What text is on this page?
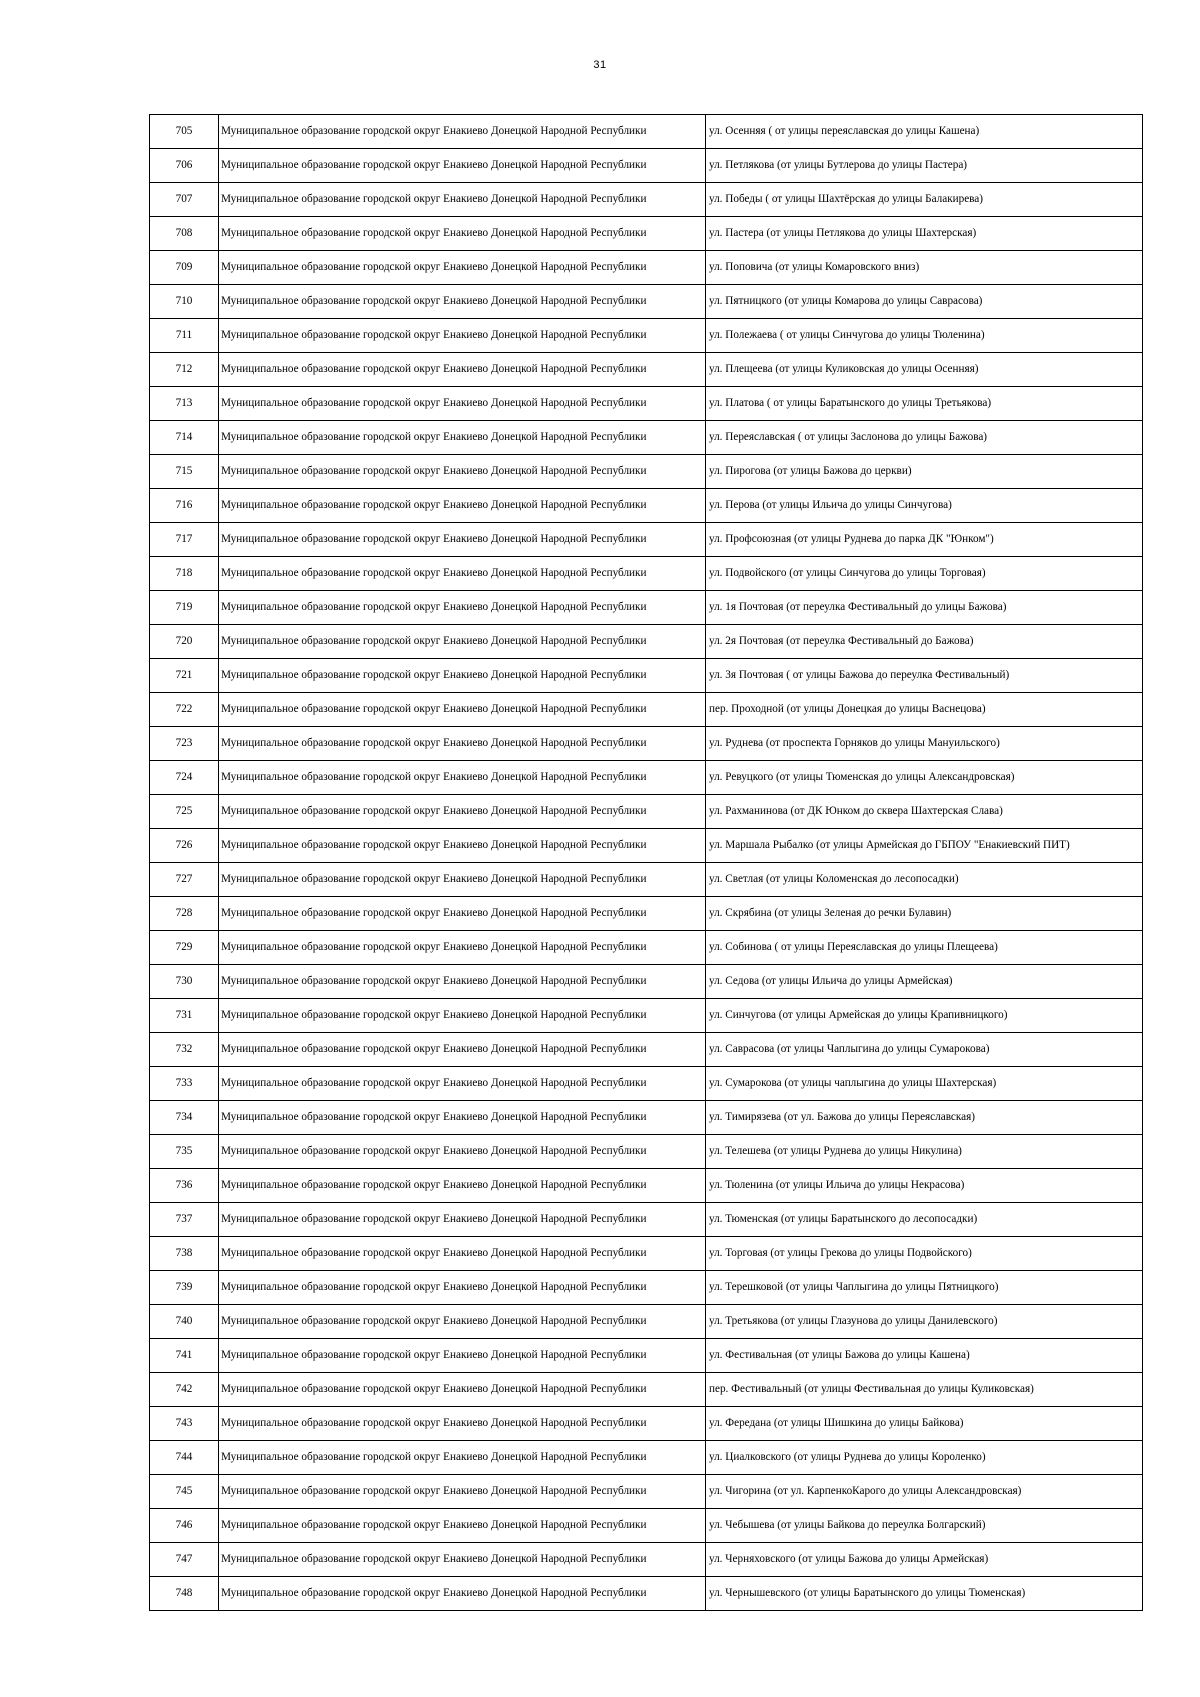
31
705	Муниципальное образование городской округ Енакиево Донецкой Народной Республики	ул. Осенняя ( от улицы переяславская до улицы Кашена)
706	Муниципальное образование городской округ Енакиево Донецкой Народной Республики	ул. Петлякова (от улицы Бутлерова до улицы Пастера)
707	Муниципальное образование городской округ Енакиево Донецкой Народной Республики	ул. Победы ( от улицы Шахтёрская до улицы Балакирева)
708	Муниципальное образование городской округ Енакиево Донецкой Народной Республики	ул. Пастера (от улицы Петлякова до улицы Шахтерская)
709	Муниципальное образование городской округ Енакиево Донецкой Народной Республики	ул. Поповича (от улицы Комаровского вниз)
710	Муниципальное образование городской округ Енакиево Донецкой Народной Республики	ул. Пятницкого (от улицы Комарова до улицы Саврасова)
711	Муниципальное образование городской округ Енакиево Донецкой Народной Республики	ул. Полежаева ( от улицы Синчугова до улицы Тюленина)
712	Муниципальное образование городской округ Енакиево Донецкой Народной Республики	ул. Плещеева (от улицы Куликовская до улицы Осенняя)
713	Муниципальное образование городской округ Енакиево Донецкой Народной Республики	ул. Платова ( от улицы Баратынского до улицы Третьякова)
714	Муниципальное образование городской округ Енакиево Донецкой Народной Республики	ул. Переяславская ( от улицы Заслонова до улицы Бажова)
715	Муниципальное образование городской округ Енакиево Донецкой Народной Республики	ул. Пирогова (от улицы Бажова до церкви)
716	Муниципальное образование городской округ Енакиево Донецкой Народной Республики	ул. Перова (от улицы Ильича до улицы Синчугова)
717	Муниципальное образование городской округ Енакиево Донецкой Народной Республики	ул. Профсоюзная (от улицы Руднева до парка ДК "Юнком")
718	Муниципальное образование городской округ Енакиево Донецкой Народной Республики	ул. Подвойского (от улицы Синчугова до улицы Торговая)
719	Муниципальное образование городской округ Енакиево Донецкой Народной Республики	ул. 1я Почтовая (от переулка Фестивальный до улицы Бажова)
720	Муниципальное образование городской округ Енакиево Донецкой Народной Республики	ул. 2я Почтовая (от переулка Фестивальный до Бажова)
721	Муниципальное образование городской округ Енакиево Донецкой Народной Республики	ул. 3я Почтовая ( от улицы Бажова до переулка Фестивальный)
722	Муниципальное образование городской округ Енакиево Донецкой Народной Республики	пер. Проходной (от улицы Донецкая до улицы Васнецова)
723	Муниципальное образование городской округ Енакиево Донецкой Народной Республики	ул. Руднева (от проспекта Горняков до улицы Мануильского)
724	Муниципальное образование городской округ Енакиево Донецкой Народной Республики	ул. Ревуцкого (от улицы Тюменская до улицы Александровская)
725	Муниципальное образование городской округ Енакиево Донецкой Народной Республики	ул. Рахманинова (от ДК Юнком до сквера Шахтерская Слава)
726	Муниципальное образование городской округ Енакиево Донецкой Народной Республики	ул. Маршала Рыбалко (от улицы Армейская до ГБПОУ "Енакиевский ПИТ)
727	Муниципальное образование городской округ Енакиево Донецкой Народной Республики	ул. Светлая (от улицы Коломенская до лесопосадки)
728	Муниципальное образование городской округ Енакиево Донецкой Народной Республики	ул. Скрябина (от улицы Зеленая до речки Булавин)
729	Муниципальное образование городской округ Енакиево Донецкой Народной Республики	ул. Собинова ( от улицы Переяславская до улицы Плещеева)
730	Муниципальное образование городской округ Енакиево Донецкой Народной Республики	ул. Седова (от улицы Ильича до улицы Армейская)
731	Муниципальное образование городской округ Енакиево Донецкой Народной Республики	ул. Синчугова (от улицы Армейская до улицы Крапивницкого)
732	Муниципальное образование городской округ Енакиево Донецкой Народной Республики	ул. Саврасова (от улицы Чаплыгина до улицы Сумарокова)
733	Муниципальное образование городской округ Енакиево Донецкой Народной Республики	ул. Сумарокова (от улицы чаплыгина до улицы Шахтерская)
734	Муниципальное образование городской округ Енакиево Донецкой Народной Республики	ул. Тимирязева (от ул. Бажова до улицы Переяславская)
735	Муниципальное образование городской округ Енакиево Донецкой Народной Республики	ул. Телешева (от улицы Руднева до улицы Никулина)
736	Муниципальное образование городской округ Енакиево Донецкой Народной Республики	ул. Тюленина (от улицы Ильича до улицы Некрасова)
737	Муниципальное образование городской округ Енакиево Донецкой Народной Республики	ул. Тюменская (от улицы Баратынского до лесопосадки)
738	Муниципальное образование городской округ Енакиево Донецкой Народной Республики	ул. Торговая (от улицы Грекова до улицы Подвойского)
739	Муниципальное образование городской округ Енакиево Донецкой Народной Республики	ул. Терешковой (от улицы Чаплыгина до улицы Пятницкого)
740	Муниципальное образование городской округ Енакиево Донецкой Народной Республики	ул. Третьякова (от улицы Глазунова до улицы Данилевского)
741	Муниципальное образование городской округ Енакиево Донецкой Народной Республики	ул. Фестивальная (от улицы Бажова до улицы Кашена)
742	Муниципальное образование городской округ Енакиево Донецкой Народной Республики	пер. Фестивальный (от улицы Фестивальная до улицы Куликовская)
743	Муниципальное образование городской округ Енакиево Донецкой Народной Республики	ул. Фередана (от улицы Шишкина до улицы Байкова)
744	Муниципальное образование городской округ Енакиево Донецкой Народной Республики	ул. Циалковского (от улицы Руднева до улицы Короленко)
745	Муниципальное образование городской округ Енакиево Донецкой Народной Республики	ул. Чигорина (от ул. КарпенкоКарого до улицы Александровская)
746	Муниципальное образование городской округ Енакиево Донецкой Народной Республики	ул. Чебышева (от улицы Байкова до переулка Болгарский)
747	Муниципальное образование городской округ Енакиево Донецкой Народной Республики	ул. Черняховского (от улицы Бажова до улицы Армейская)
748	Муниципальное образование городской округ Енакиево Донецкой Народной Республики	ул. Чернышевского (от улицы Баратынского до улицы Тюменская)
